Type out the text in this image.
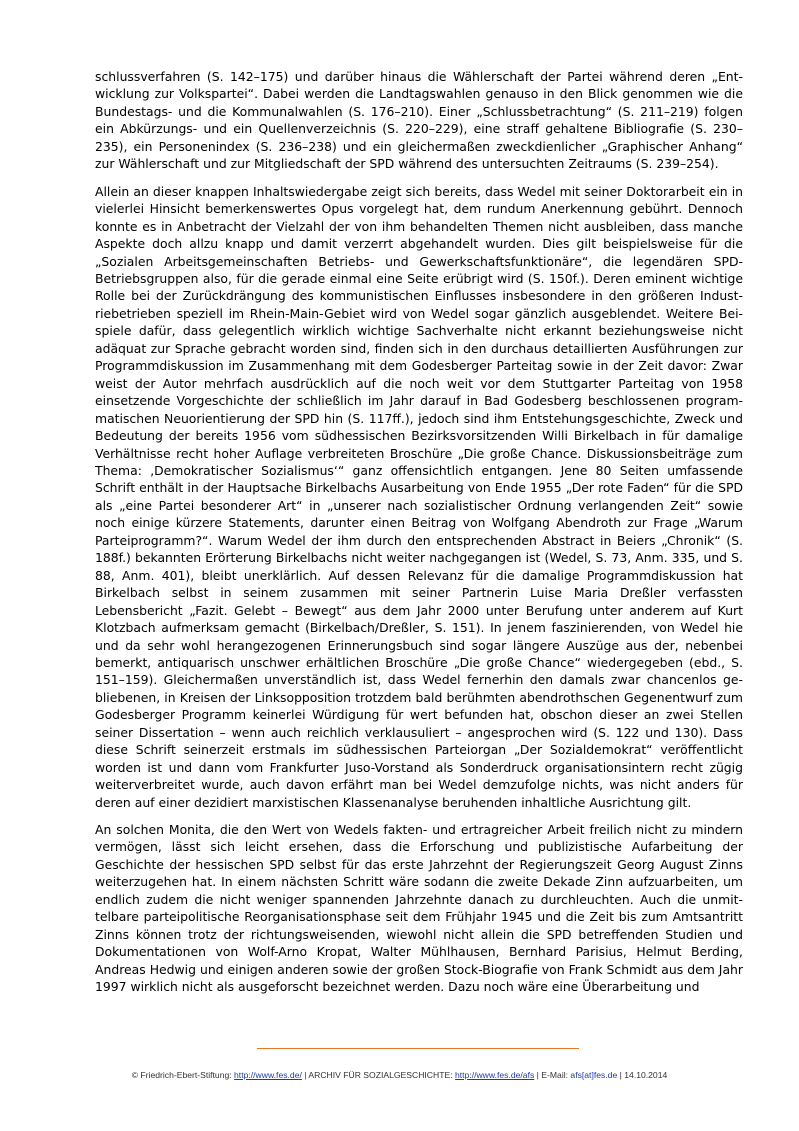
schlussverfahren (S. 142–175) und darüber hinaus die Wählerschaft der Partei während deren „Entwicklung zur Volkspartei“. Dabei werden die Landtagswahlen genauso in den Blick genommen wie die Bundestags- und die Kommunalwahlen (S. 176–210). Einer „Schlussbetrachtung“ (S. 211–219) folgen ein Abkürzungs- und ein Quellenverzeichnis (S. 220–229), eine straff gehaltene Bibliografie (S. 230–235), ein Personenindex (S. 236–238) und ein gleichermaßen zweckdienlicher „Graphischer Anhang“ zur Wählerschaft und zur Mitgliedschaft der SPD während des untersuchten Zeitraums (S. 239–254).

Allein an dieser knappen Inhaltswiedergabe zeigt sich bereits, dass Wedel mit seiner Doktorarbeit ein in vielerlei Hinsicht bemerkenswertes Opus vorgelegt hat, dem rundum Anerkennung gebührt. Dennoch konnte es in Anbetracht der Vielzahl der von ihm behandelten Themen nicht ausbleiben, dass manche Aspekte doch allzu knapp und damit verzerrt abgehandelt wurden. Dies gilt beispielsweise für die „Sozialen Arbeitsgemeinschaften Betriebs- und Gewerkschaftsfunktionäre“, die legendären SPD-Betriebsgruppen also, für die gerade einmal eine Seite erübrigt wird (S. 150f.). Deren eminent wichtige Rolle bei der Zurückdrängung des kommunistischen Einflusses insbesondere in den größeren Industriebetrieben speziell im Rhein-Main-Gebiet wird von Wedel sogar gänzlich ausgeblendet. Weitere Beispiele dafür, dass gelegentlich wirklich wichtige Sachverhalte nicht erkannt beziehungsweise nicht adäquat zur Sprache gebracht worden sind, finden sich in den durchaus detaillierten Ausführungen zur Programmdiskussion im Zusammenhang mit dem Godesberger Parteitag sowie in der Zeit davor: Zwar weist der Autor mehrfach ausdrücklich auf die noch weit vor dem Stuttgarter Parteitag von 1958 einsetzende Vorgeschichte der schließlich im Jahr darauf in Bad Godesberg beschlossenen programmatischen Neuorientierung der SPD hin (S. 117ff.), jedoch sind ihm Entstehungsgeschichte, Zweck und Bedeutung der bereits 1956 vom südhessischen Bezirksvorsitzenden Willi Birkelbach in für damalige Verhältnisse recht hoher Auflage verbreiteten Broschüre „Die große Chance. Diskussionsbeiträge zum Thema: ‚Demokratischer Sozialismus‘“ ganz offensichtlich entgangen. Jene 80 Seiten umfassende Schrift enthält in der Hauptsache Birkelbachs Ausarbeitung von Ende 1955 „Der rote Faden“ für die SPD als „eine Partei besonderer Art“ in „unserer nach sozialistischer Ordnung verlangenden Zeit“ sowie noch einige kürzere Statements, darunter einen Beitrag von Wolfgang Abendroth zur Frage „Warum Parteiprogramm?“. Warum Wedel der ihm durch den entsprechenden Abstract in Beiers „Chronik“ (S. 188f.) bekannten Erörterung Birkelbachs nicht weiter nachgegangen ist (Wedel, S. 73, Anm. 335, und S. 88, Anm. 401), bleibt unerklärlich. Auf dessen Relevanz für die damalige Programmdiskussion hat Birkelbach selbst in seinem zusammen mit seiner Partnerin Luise Maria Dreßler verfassten Lebensbericht „Fazit. Gelebt – Bewegt“ aus dem Jahr 2000 unter Berufung unter anderem auf Kurt Klotzbach aufmerksam gemacht (Birkelbach/Dreßler, S. 151). In jenem faszinierenden, von Wedel hie und da sehr wohl herangezogenen Erinnerungsbuch sind sogar längere Auszüge aus der, nebenbei bemerkt, antiquarisch unschwer erhältlichen Broschüre „Die große Chance“ wiedergegeben (ebd., S. 151–159). Gleichermaßen unverständlich ist, dass Wedel fernerhin den damals zwar chancenlos gebliebenen, in Kreisen der Linksopposition trotzdem bald berühmten abendrothschen Gegenentwurf zum Godesberger Programm keinerlei Würdigung für wert befunden hat, obschon dieser an zwei Stellen seiner Dissertation – wenn auch reichlich verklausuliert – angesprochen wird (S. 122 und 130). Dass diese Schrift seinerzeit erstmals im südhessischen Parteiorgan „Der Sozialdemokrat“ veröffentlicht worden ist und dann vom Frankfurter Juso-Vorstand als Sonderdruck organisationsintern recht zügig weiterverbreitet wurde, auch davon erfährt man bei Wedel demzufolge nichts, was nicht anders für deren auf einer dezidiert marxistischen Klassenanalyse beruhenden inhaltliche Ausrichtung gilt.

An solchen Monita, die den Wert von Wedels fakten- und ertragreicher Arbeit freilich nicht zu mindern vermögen, lässt sich leicht ersehen, dass die Erforschung und publizistische Aufarbeitung der Geschichte der hessischen SPD selbst für das erste Jahrzehnt der Regierungszeit Georg August Zinns weiterzugehen hat. In einem nächsten Schritt wäre sodann die zweite Dekade Zinn aufzuarbeiten, um endlich zudem die nicht weniger spannenden Jahrzehnte danach zu durchleuchten. Auch die unmittelbare parteipolitische Reorganisationsphase seit dem Frühjahr 1945 und die Zeit bis zum Amtsantritt Zinns können trotz der richtungsweisenden, wiewohl nicht allein die SPD betreffenden Studien und Dokumentationen von Wolf-Arno Kropat, Walter Mühlhausen, Bernhard Parisius, Helmut Berding, Andreas Hedwig und einigen anderen sowie der großen Stock-Biografie von Frank Schmidt aus dem Jahr 1997 wirklich nicht als ausgeforscht bezeichnet werden. Dazu noch wäre eine Überarbeitung und

© Friedrich-Ebert-Stiftung: http://www.fes.de/ | ARCHIV FÜR SOZIALGESCHICHTE: http://www.fes.de/afs | E-Mail: afs[at]fes.de | 14.10.2014
